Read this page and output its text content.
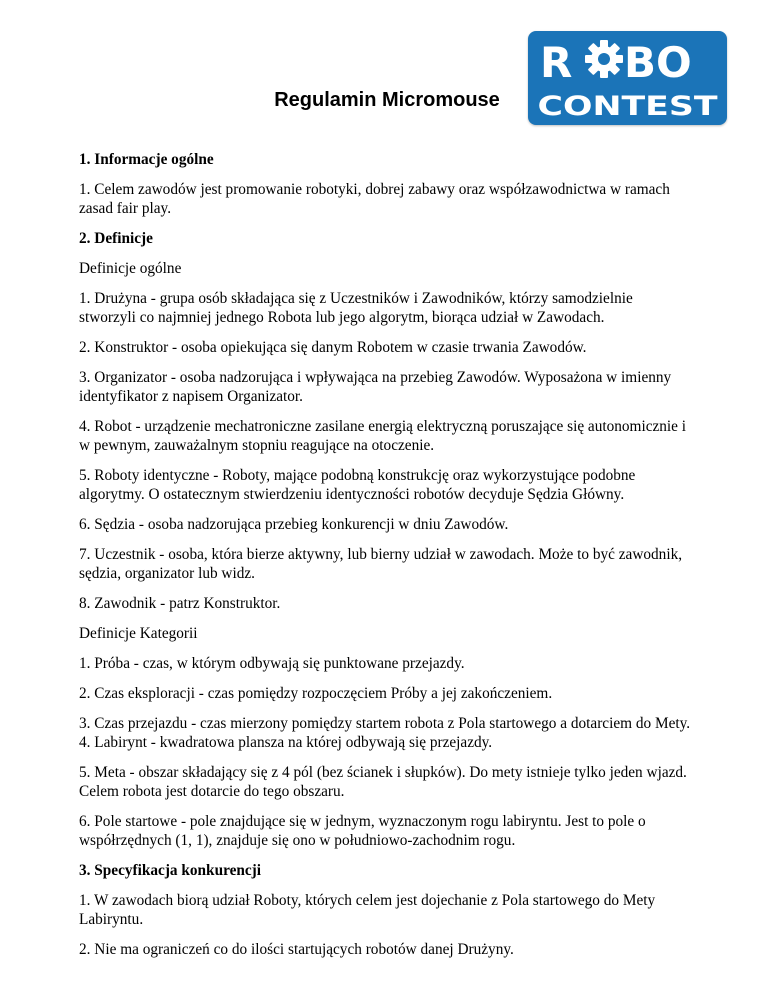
Regulamin Micromouse
R BO
CONTEST

1. Informacje ogólne

1. Celem zawodów jest promowanie robotyki, dobrej zabawy oraz współzawodnictwa w ramach zasad fair play.

2. Definicje

Definicje ogólne

1. Drużyna - grupa osób składająca się z Uczestników i Zawodników, którzy samodzielnie stworzyli co najmniej jednego Robota lub jego algorytm, biorąca udział w Zawodach.

2. Konstruktor - osoba opiekująca się danym Robotem w czasie trwania Zawodów.

3. Organizator - osoba nadzorująca i wpływająca na przebieg Zawodów. Wyposażona w imienny identyfikator z napisem Organizator.

4. Robot - urządzenie mechatroniczne zasilane energią elektryczną poruszające się autonomicznie i w pewnym, zauważalnym stopniu reagujące na otoczenie.

5. Roboty identyczne - Roboty, mające podobną konstrukcję oraz wykorzystujące podobne algorytmy. O ostatecznym stwierdzeniu identyczności robotów decyduje Sędzia Główny.

6. Sędzia - osoba nadzorująca przebieg konkurencji w dniu Zawodów.

7. Uczestnik - osoba, która bierze aktywny, lub bierny udział w zawodach. Może to być zawodnik, sędzia, organizator lub widz.

8. Zawodnik - patrz Konstruktor.

Definicje Kategorii

1. Próba - czas, w którym odbywają się punktowane przejazdy.

2. Czas eksploracji - czas pomiędzy rozpoczęciem Próby a jej zakończeniem.

3. Czas przejazdu - czas mierzony pomiędzy startem robota z Pola startowego a dotarciem do Mety. 4. Labirynt - kwadratowa plansza na której odbywają się przejazdy.

5. Meta - obszar składający się z 4 pól (bez ścianek i słupków). Do mety istnieje tylko jeden wjazd. Celem robota jest dotarcie do tego obszaru.

6. Pole startowe - pole znajdujące się w jednym, wyznaczonym rogu labiryntu. Jest to pole o współrzędnych (1, 1), znajduje się ono w południowo-zachodnim rogu.

3. Specyfikacja konkurencji

1. W zawodach biorą udział Roboty, których celem jest dojechanie z Pola startowego do Mety Labiryntu.

2. Nie ma ograniczeń co do ilości startujących robotów danej Drużyny.
